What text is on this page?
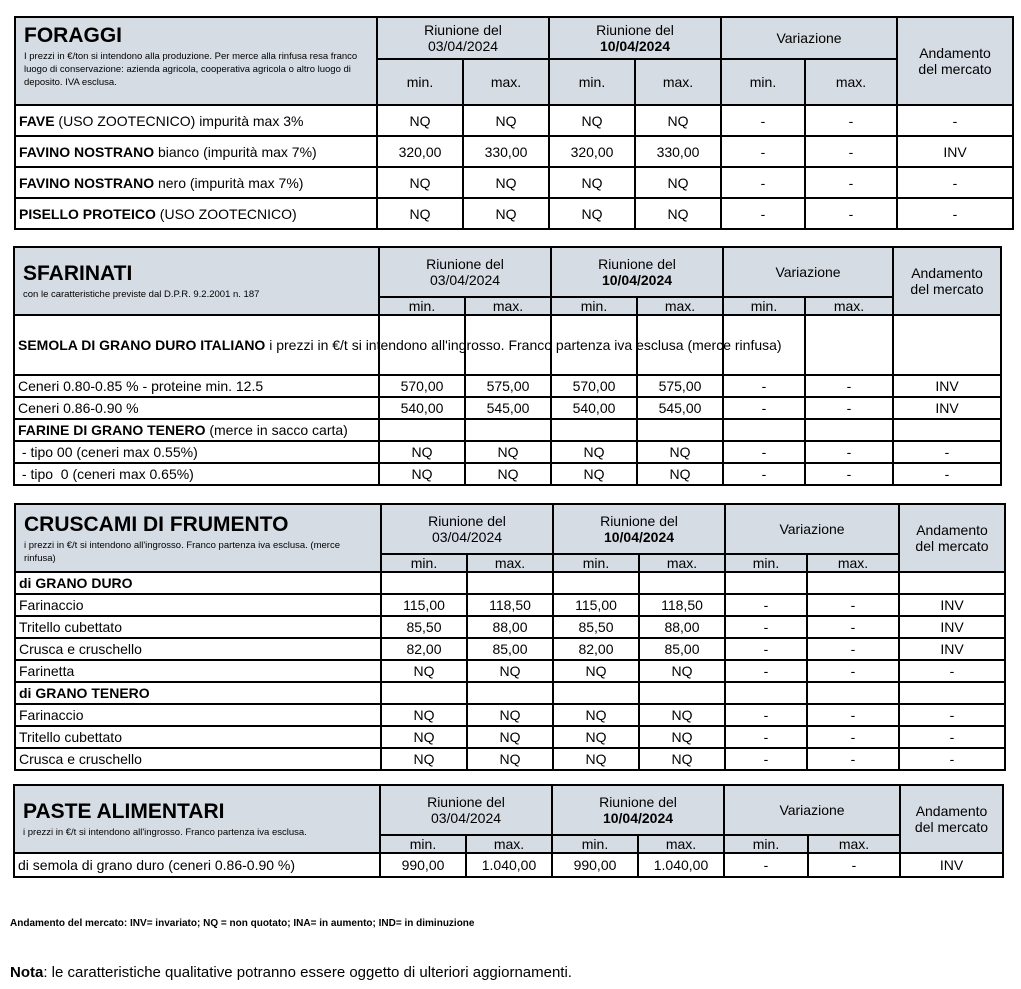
FORAGGI
I prezzi in €/ton si intendono alla produzione. Per merce alla rinfusa resa franco luogo di conservazione: azienda agricola, cooperativa agricola o altro luogo di deposito. IVA esclusa.	Riunione del
03/04/2024		Riunione del
10/04/2024		Variazione		Andamento
del mercato
	min.	max.	min.	max.	min.	max.	
FAVE (USO ZOOTECNICO) impurità max 3%	NQ	NQ	NQ	NQ	-	-	-
FAVINO NOSTRANO bianco (impurità max 7%)	320,00	330,00	320,00	330,00	-	-	INV
FAVINO NOSTRANO nero (impurità max 7%)	NQ	NQ	NQ	NQ	-	-	-
PISELLO PROTEICO (USO ZOOTECNICO)	NQ	NQ	NQ	NQ	-	-	-
SFARINATI
con le caratteristiche previste dal D.P.R. 9.2.2001 n. 187	Riunione del
03/04/2024		Riunione del
10/04/2024		Variazione		Andamento
del mercato
	min.	max.	min.	max.	min.	max.	
SEMOLA DI GRANO DURO ITALIANO i prezzi in €/t si intendono all'ingrosso. Franco partenza iva esclusa (merce rinfusa)							
Ceneri 0.80-0.85 % - proteine min. 12.5	570,00	575,00	570,00	575,00	-	-	INV
Ceneri 0.86-0.90 %	540,00	545,00	540,00	545,00	-	-	INV
FARINE DI GRANO TENERO (merce in sacco carta)							
- tipo 00 (ceneri max 0.55%)	NQ	NQ	NQ	NQ	-	-	-
- tipo  0 (ceneri max 0.65%)	NQ	NQ	NQ	NQ	-	-	-
CRUSCAMI DI FRUMENTO
i prezzi in €/t si intendono all'ingrosso. Franco partenza iva esclusa. (merce rinfusa)	Riunione del
03/04/2024		Riunione del
10/04/2024		Variazione		Andamento
del mercato
	min.	max.	min.	max.	min.	max.	
di GRANO DURO							
Farinaccio	115,00	118,50	115,00	118,50	-	-	INV
Tritello cubettato	85,50	88,00	85,50	88,00	-	-	INV
Crusca e cruschello	82,00	85,00	82,00	85,00	-	-	INV
Farinetta	NQ	NQ	NQ	NQ	-	-	-
di GRANO TENERO							
Farinaccio	NQ	NQ	NQ	NQ	-	-	-
Tritello cubettato	NQ	NQ	NQ	NQ	-	-	-
Crusca e cruschello	NQ	NQ	NQ	NQ	-	-	-
PASTE ALIMENTARI
i prezzi in €/t si intendono all'ingrosso. Franco partenza iva esclusa.	Riunione del
03/04/2024		Riunione del
10/04/2024		Variazione		Andamento
del mercato
	min.	max.	min.	max.	min.	max.	
di semola di grano duro (ceneri 0.86-0.90 %)	990,00	1.040,00	990,00	1.040,00	-	-	INV
Andamento del mercato: INV= invariato; NQ = non quotato; INA= in aumento; IND= in diminuzione
Nota: le caratteristiche qualitative potranno essere oggetto di ulteriori aggiornamenti.
